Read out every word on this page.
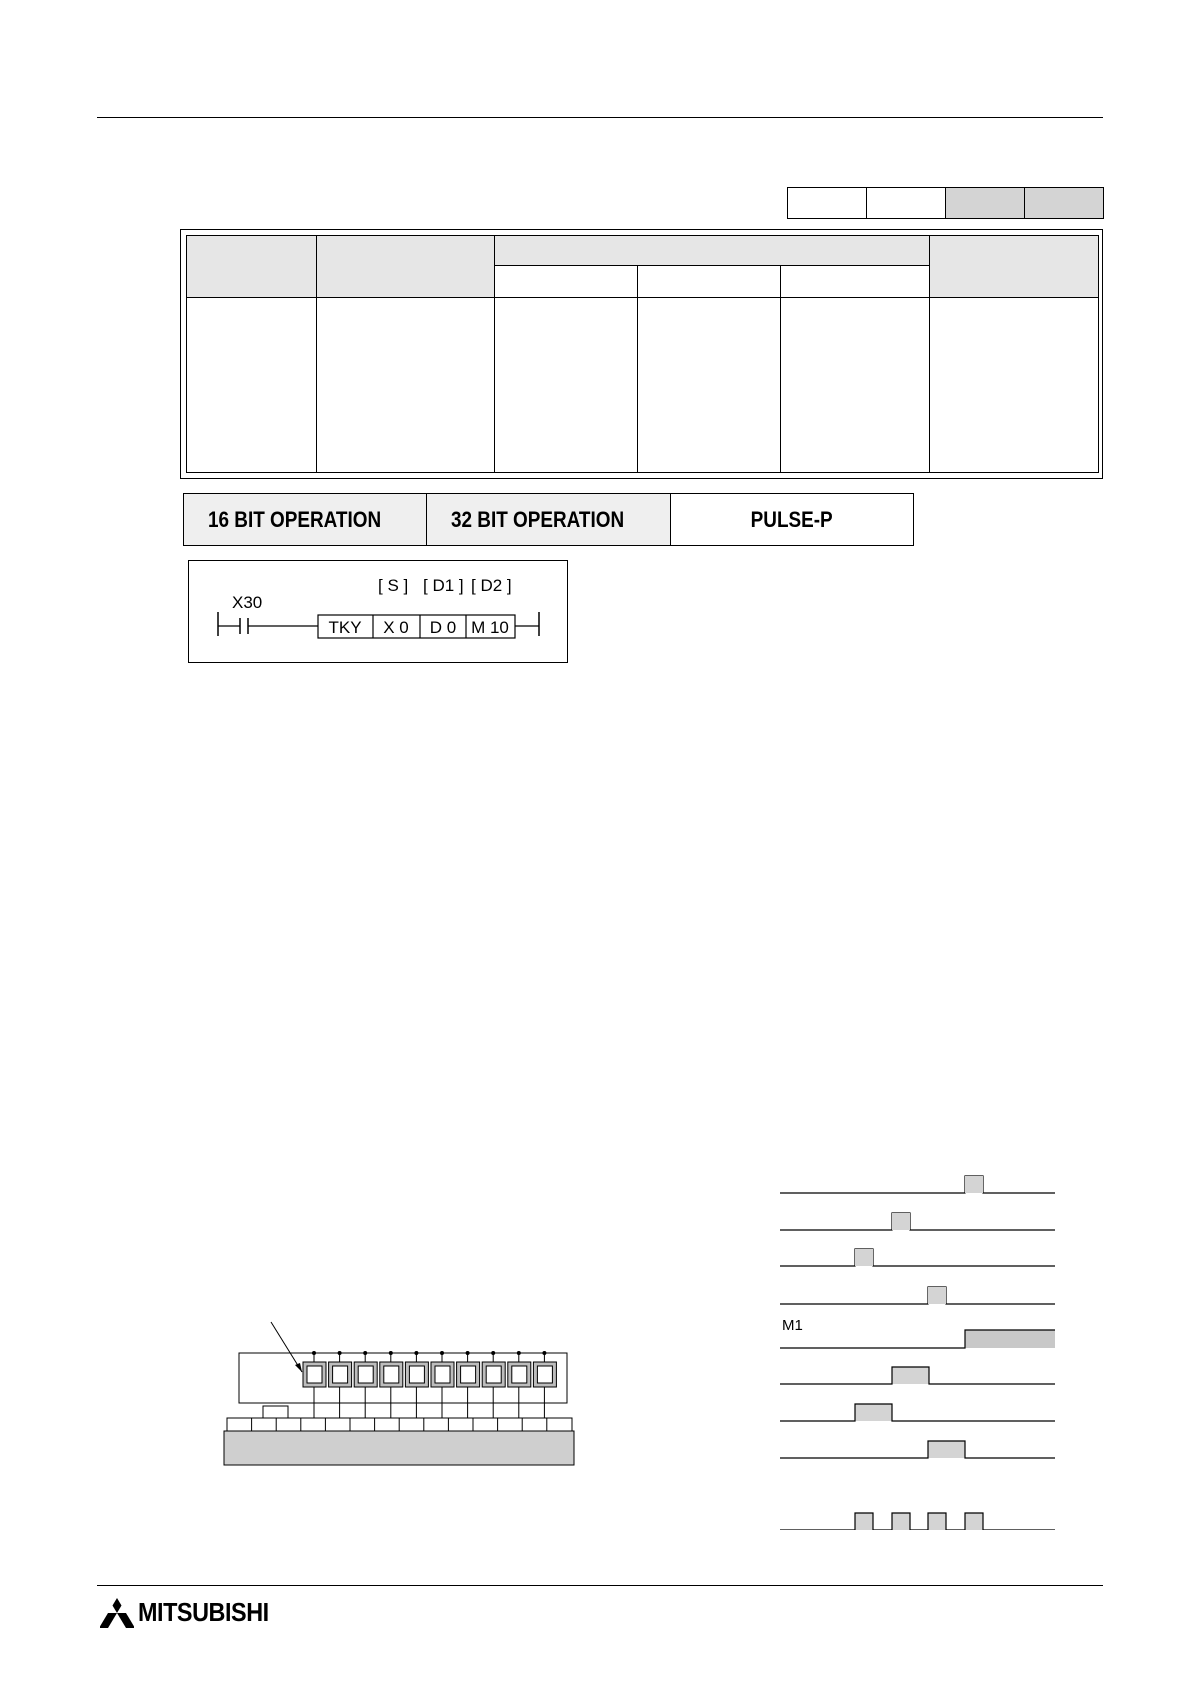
16 BIT OPERATION	32 BIT OPERATION	PULSE-P
X30
TKY X 0 D 0 M 10
[ S ] [ D1 ] [ D2 ]
M1
MITSUBISHI
